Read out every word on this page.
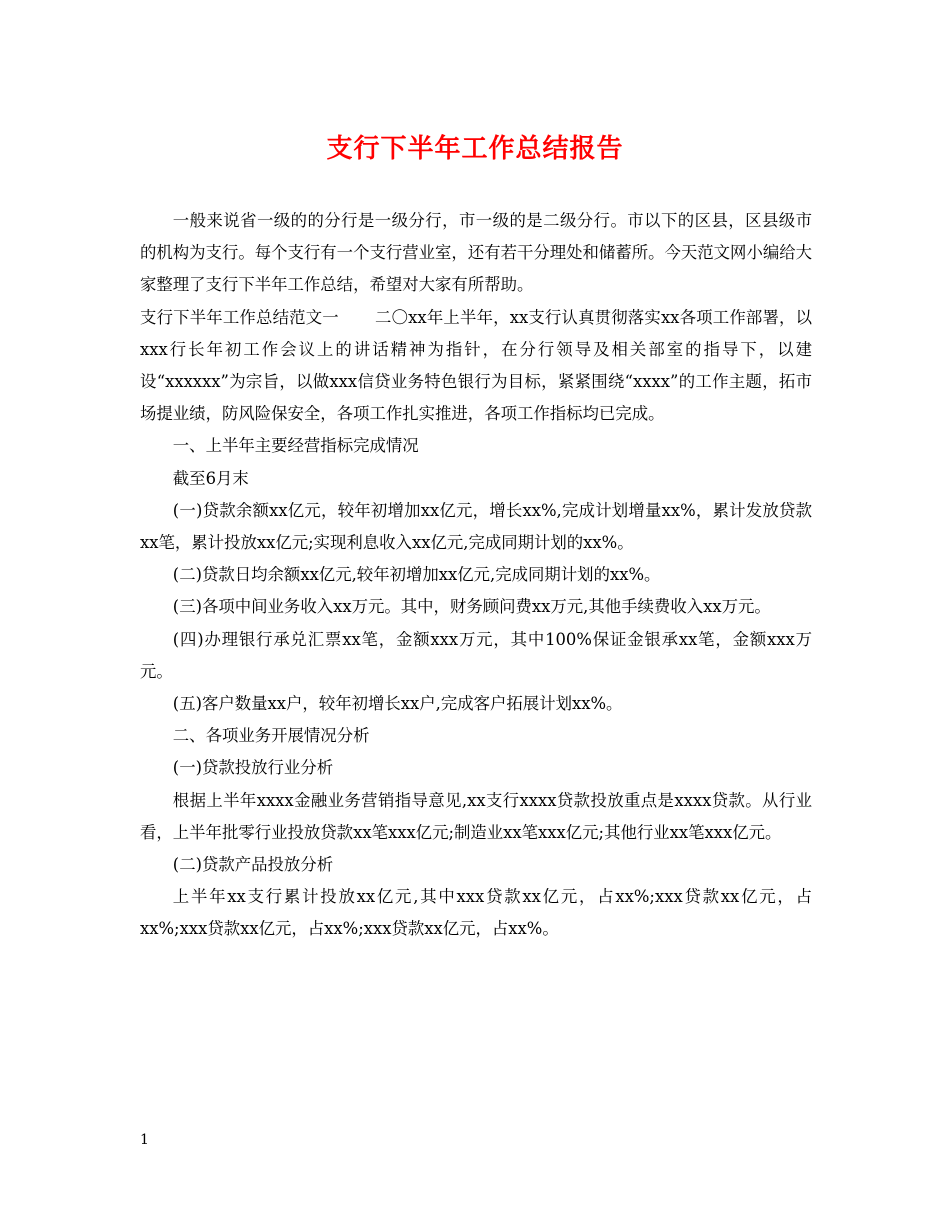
支行下半年工作总结报告

一般来说省一级的的分行是一级分行，市一级的是二级分行。市以下的区县，区县级市的机构为支行。每个支行有一个支行营业室，还有若干分理处和储蓄所。今天范文网小编给大家整理了支行下半年工作总结，希望对大家有所帮助。

支行下半年工作总结范文一 二〇xx年上半年，xx支行认真贯彻落实xx各项工作部署，以xxx行长年初工作会议上的讲话精神为指针，在分行领导及相关部室的指导下，以建设“xxxxxx”为宗旨，以做xxx信贷业务特色银行为目标，紧紧围绕“xxxx”的工作主题，拓市场提业绩，防风险保安全，各项工作扎实推进，各项工作指标均已完成。

一、上半年主要经营指标完成情况

截至6月末

(一)贷款余额xx亿元，较年初增加xx亿元，增长xx%,完成计划增量xx%，累计发放贷款xx笔，累计投放xx亿元;实现利息收入xx亿元,完成同期计划的xx%。

(二)贷款日均余额xx亿元,较年初增加xx亿元,完成同期计划的xx%。

(三)各项中间业务收入xx万元。其中，财务顾问费xx万元,其他手续费收入xx万元。

(四)办理银行承兑汇票xx笔，金额xxx万元，其中100%保证金银承xx笔，金额xxx万元。

(五)客户数量xx户，较年初增长xx户,完成客户拓展计划xx%。

二、各项业务开展情况分析

(一)贷款投放行业分析

根据上半年xxxx金融业务营销指导意见,xx支行xxxx贷款投放重点是xxxx贷款。从行业看，上半年批零行业投放贷款xx笔xxx亿元;制造业xx笔xxx亿元;其他行业xx笔xxx亿元。

(二)贷款产品投放分析

上半年xx支行累计投放xx亿元,其中xxx贷款xx亿元，占xx%;xxx贷款xx亿元，占xx%;xxx贷款xx亿元，占xx%;xxx贷款xx亿元，占xx%。

1
